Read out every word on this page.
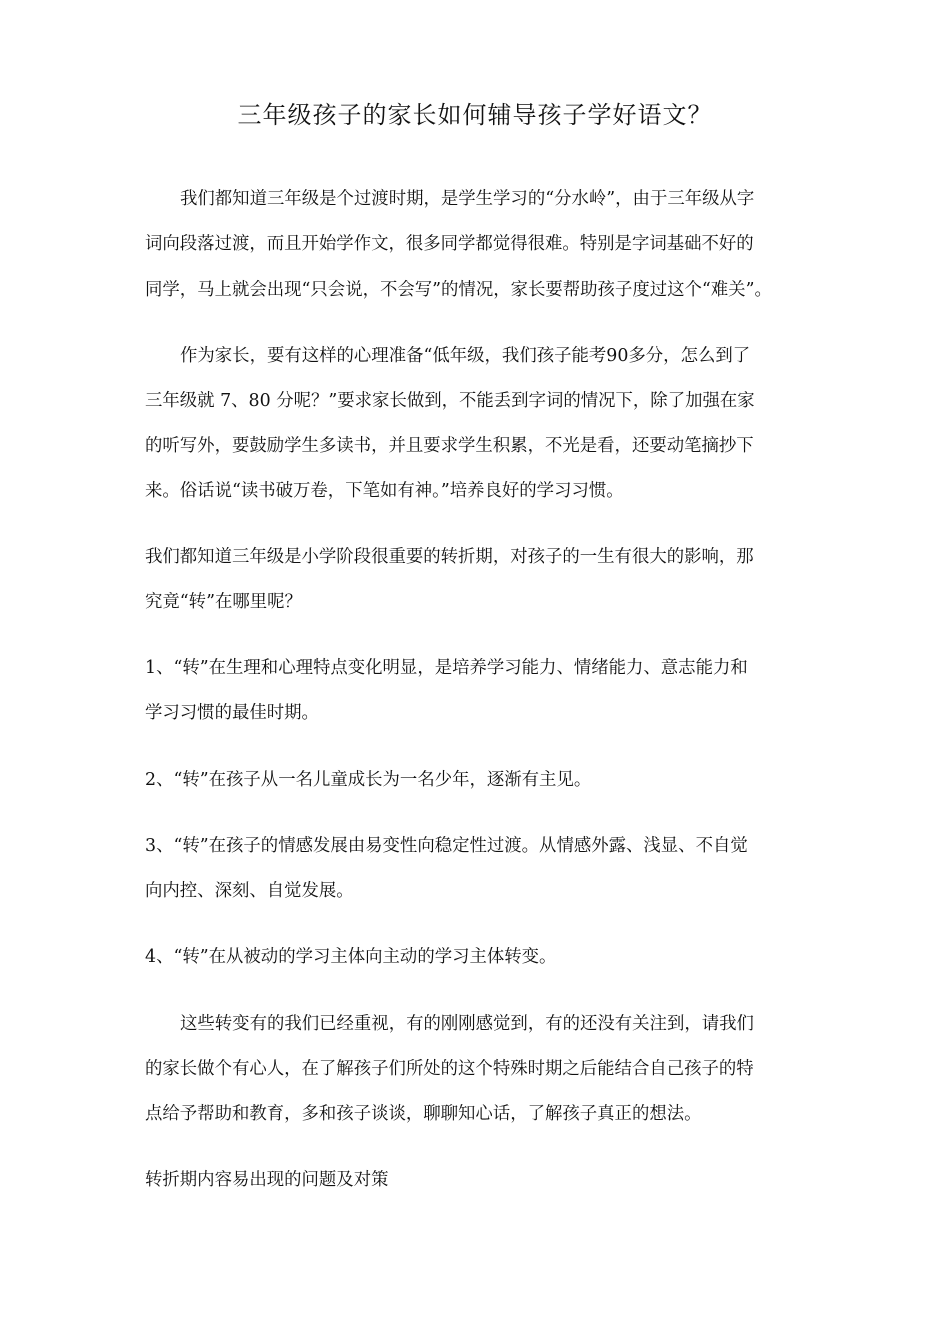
三年级孩子的家长如何辅导孩子学好语文？
我们都知道三年级是个过渡时期，是学生学习的“分水岭”，由于三年级从字
词向段落过渡，而且开始学作文，很多同学都觉得很难。特别是字词基础不好的
同学，马上就会出现“只会说，不会写”的情况，家长要帮助孩子度过这个“难关”。
作为家长，要有这样的心理准备“低年级，我们孩子能考90多分，怎么到了
三年级就 7、80 分呢？”要求家长做到，不能丢到字词的情况下，除了加强在家
的听写外，要鼓励学生多读书，并且要求学生积累，不光是看，还要动笔摘抄下
来。俗话说“读书破万卷，下笔如有神。”培养良好的学习习惯。
我们都知道三年级是小学阶段很重要的转折期，对孩子的一生有很大的影响，那
究竟“转”在哪里呢？
1、“转”在生理和心理特点变化明显，是培养学习能力、情绪能力、意志能力和
学习习惯的最佳时期。
2、“转”在孩子从一名儿童成长为一名少年，逐渐有主见。
3、“转”在孩子的情感发展由易变性向稳定性过渡。从情感外露、浅显、不自觉
向内控、深刻、自觉发展。
4、“转”在从被动的学习主体向主动的学习主体转变。
这些转变有的我们已经重视，有的刚刚感觉到，有的还没有关注到，请我们
的家长做个有心人，在了解孩子们所处的这个特殊时期之后能结合自己孩子的特
点给予帮助和教育，多和孩子谈谈，聊聊知心话，了解孩子真正的想法。
转折期内容易出现的问题及对策
